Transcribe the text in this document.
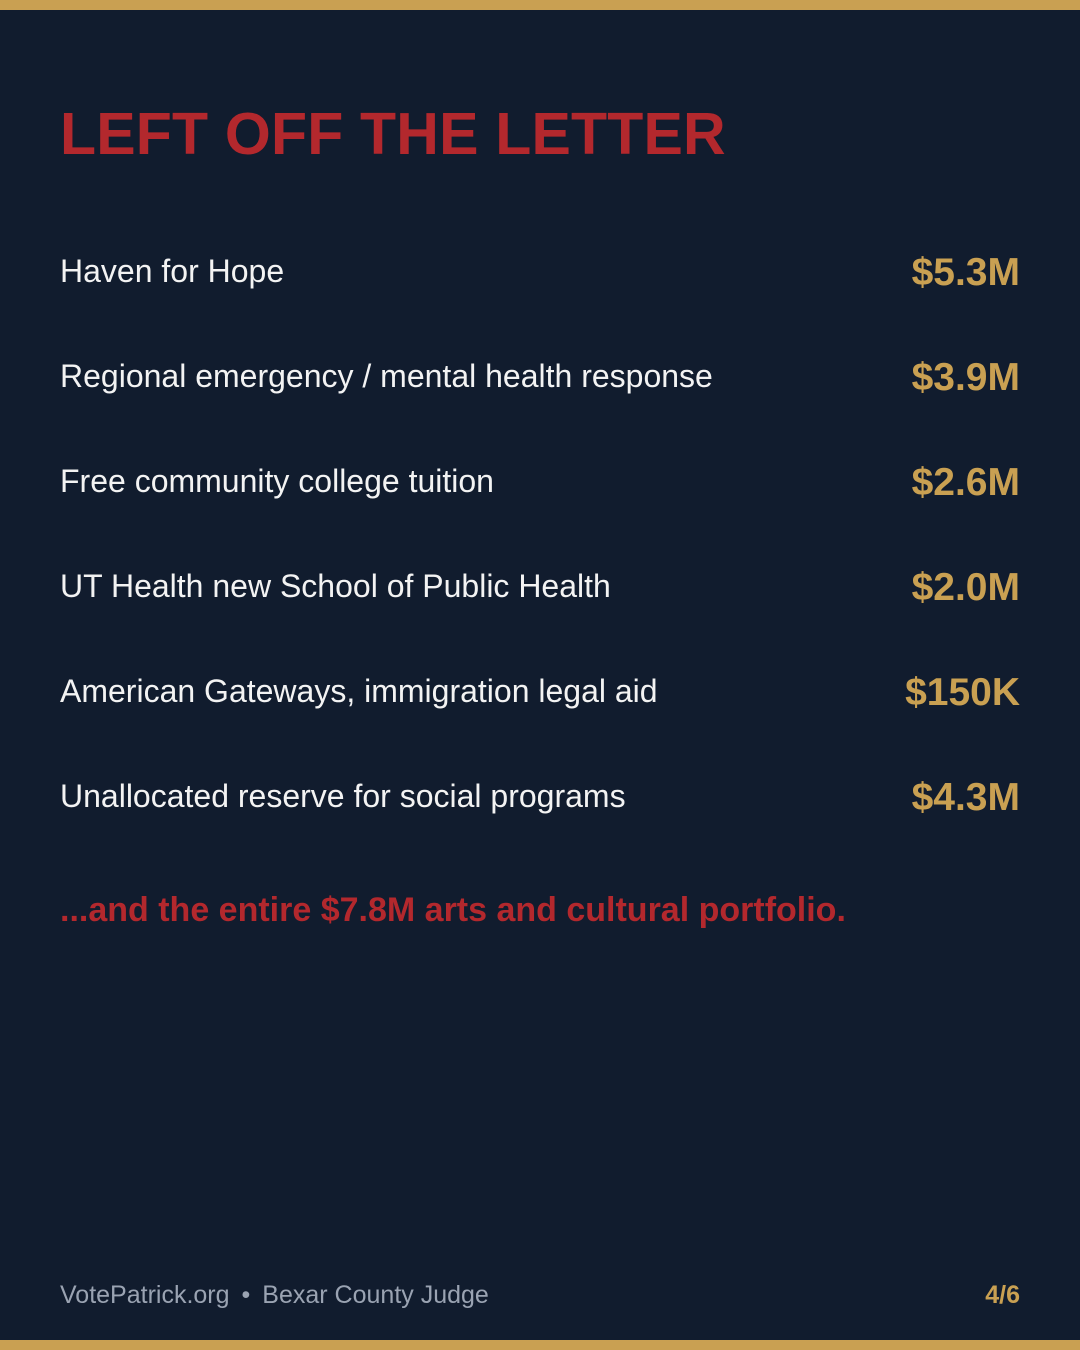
LEFT OFF THE LETTER
Haven for Hope	$5.3M
Regional emergency / mental health response	$3.9M
Free community college tuition	$2.6M
UT Health new School of Public Health	$2.0M
American Gateways, immigration legal aid	$150K
Unallocated reserve for social programs	$4.3M

...and the entire $7.8M arts and cultural portfolio.

VotePatrick.org • Bexar County Judge	4/6
